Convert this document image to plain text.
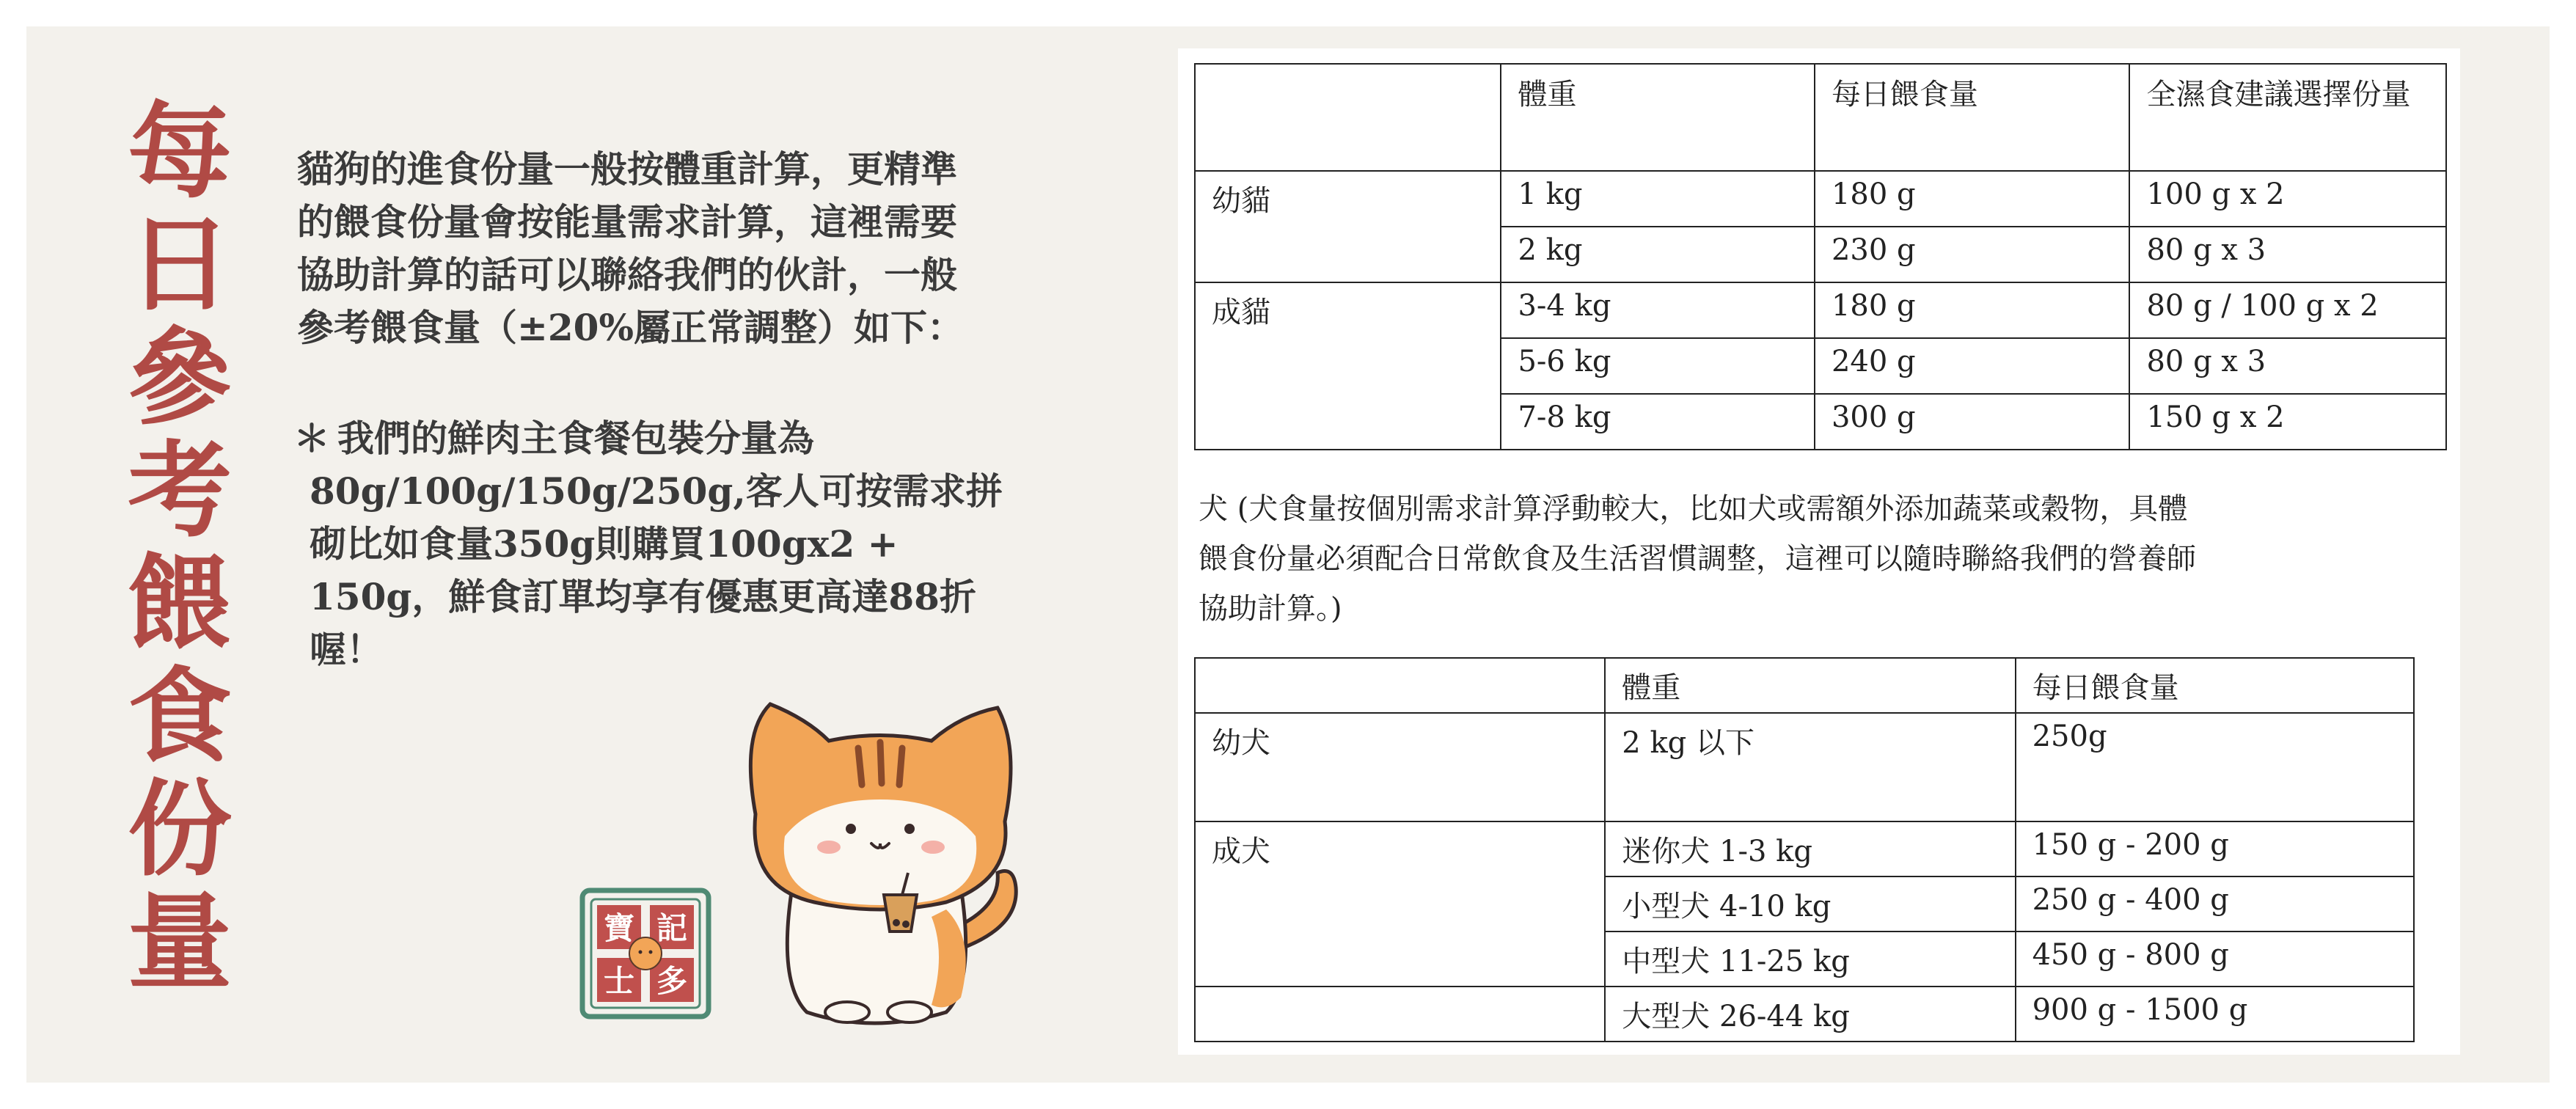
每
日
參
考
餵
食
份
量

貓狗的進食份量一般按體重計算，更精準

的餵食份量會按能量需求計算，這裡需要

協助計算的話可以聯絡我們的伙計，一般

參考餵食量（±20%屬正常調整）如下：

＊ 我們的鮮肉主食餐包裝分量為
80g/100g/150g/250g,客人可按需求拼
砌比如食量350g則購買100gx2 +
150g，鮮食訂單均享有優惠更高達88折
喔！
寶 記
士 多
	體重	每日餵食量	全濕食建議選擇份量
幼貓	1 kg	180 g	100 g x 2
	2 kg	230 g	80 g x 3
成貓	3-4 kg	180 g	80 g / 100 g x 2
	5-6 kg	240 g	80 g x 3
	7-8 kg	300 g	150 g x 2

犬 (犬食量按個別需求計算浮動較大，比如犬或需額外添加蔬菜或穀物，具體

餵食份量必須配合日常飲食及生活習慣調整，這裡可以隨時聯絡我們的營養師

協助計算。)

	體重	每日餵食量
幼犬	2 kg 以下	250g
成犬	迷你犬 1-3 kg	150 g - 200 g
	小型犬 4-10 kg	250 g - 400 g
	中型犬 11-25 kg	450 g - 800 g
	大型犬 26-44 kg	900 g - 1500 g
